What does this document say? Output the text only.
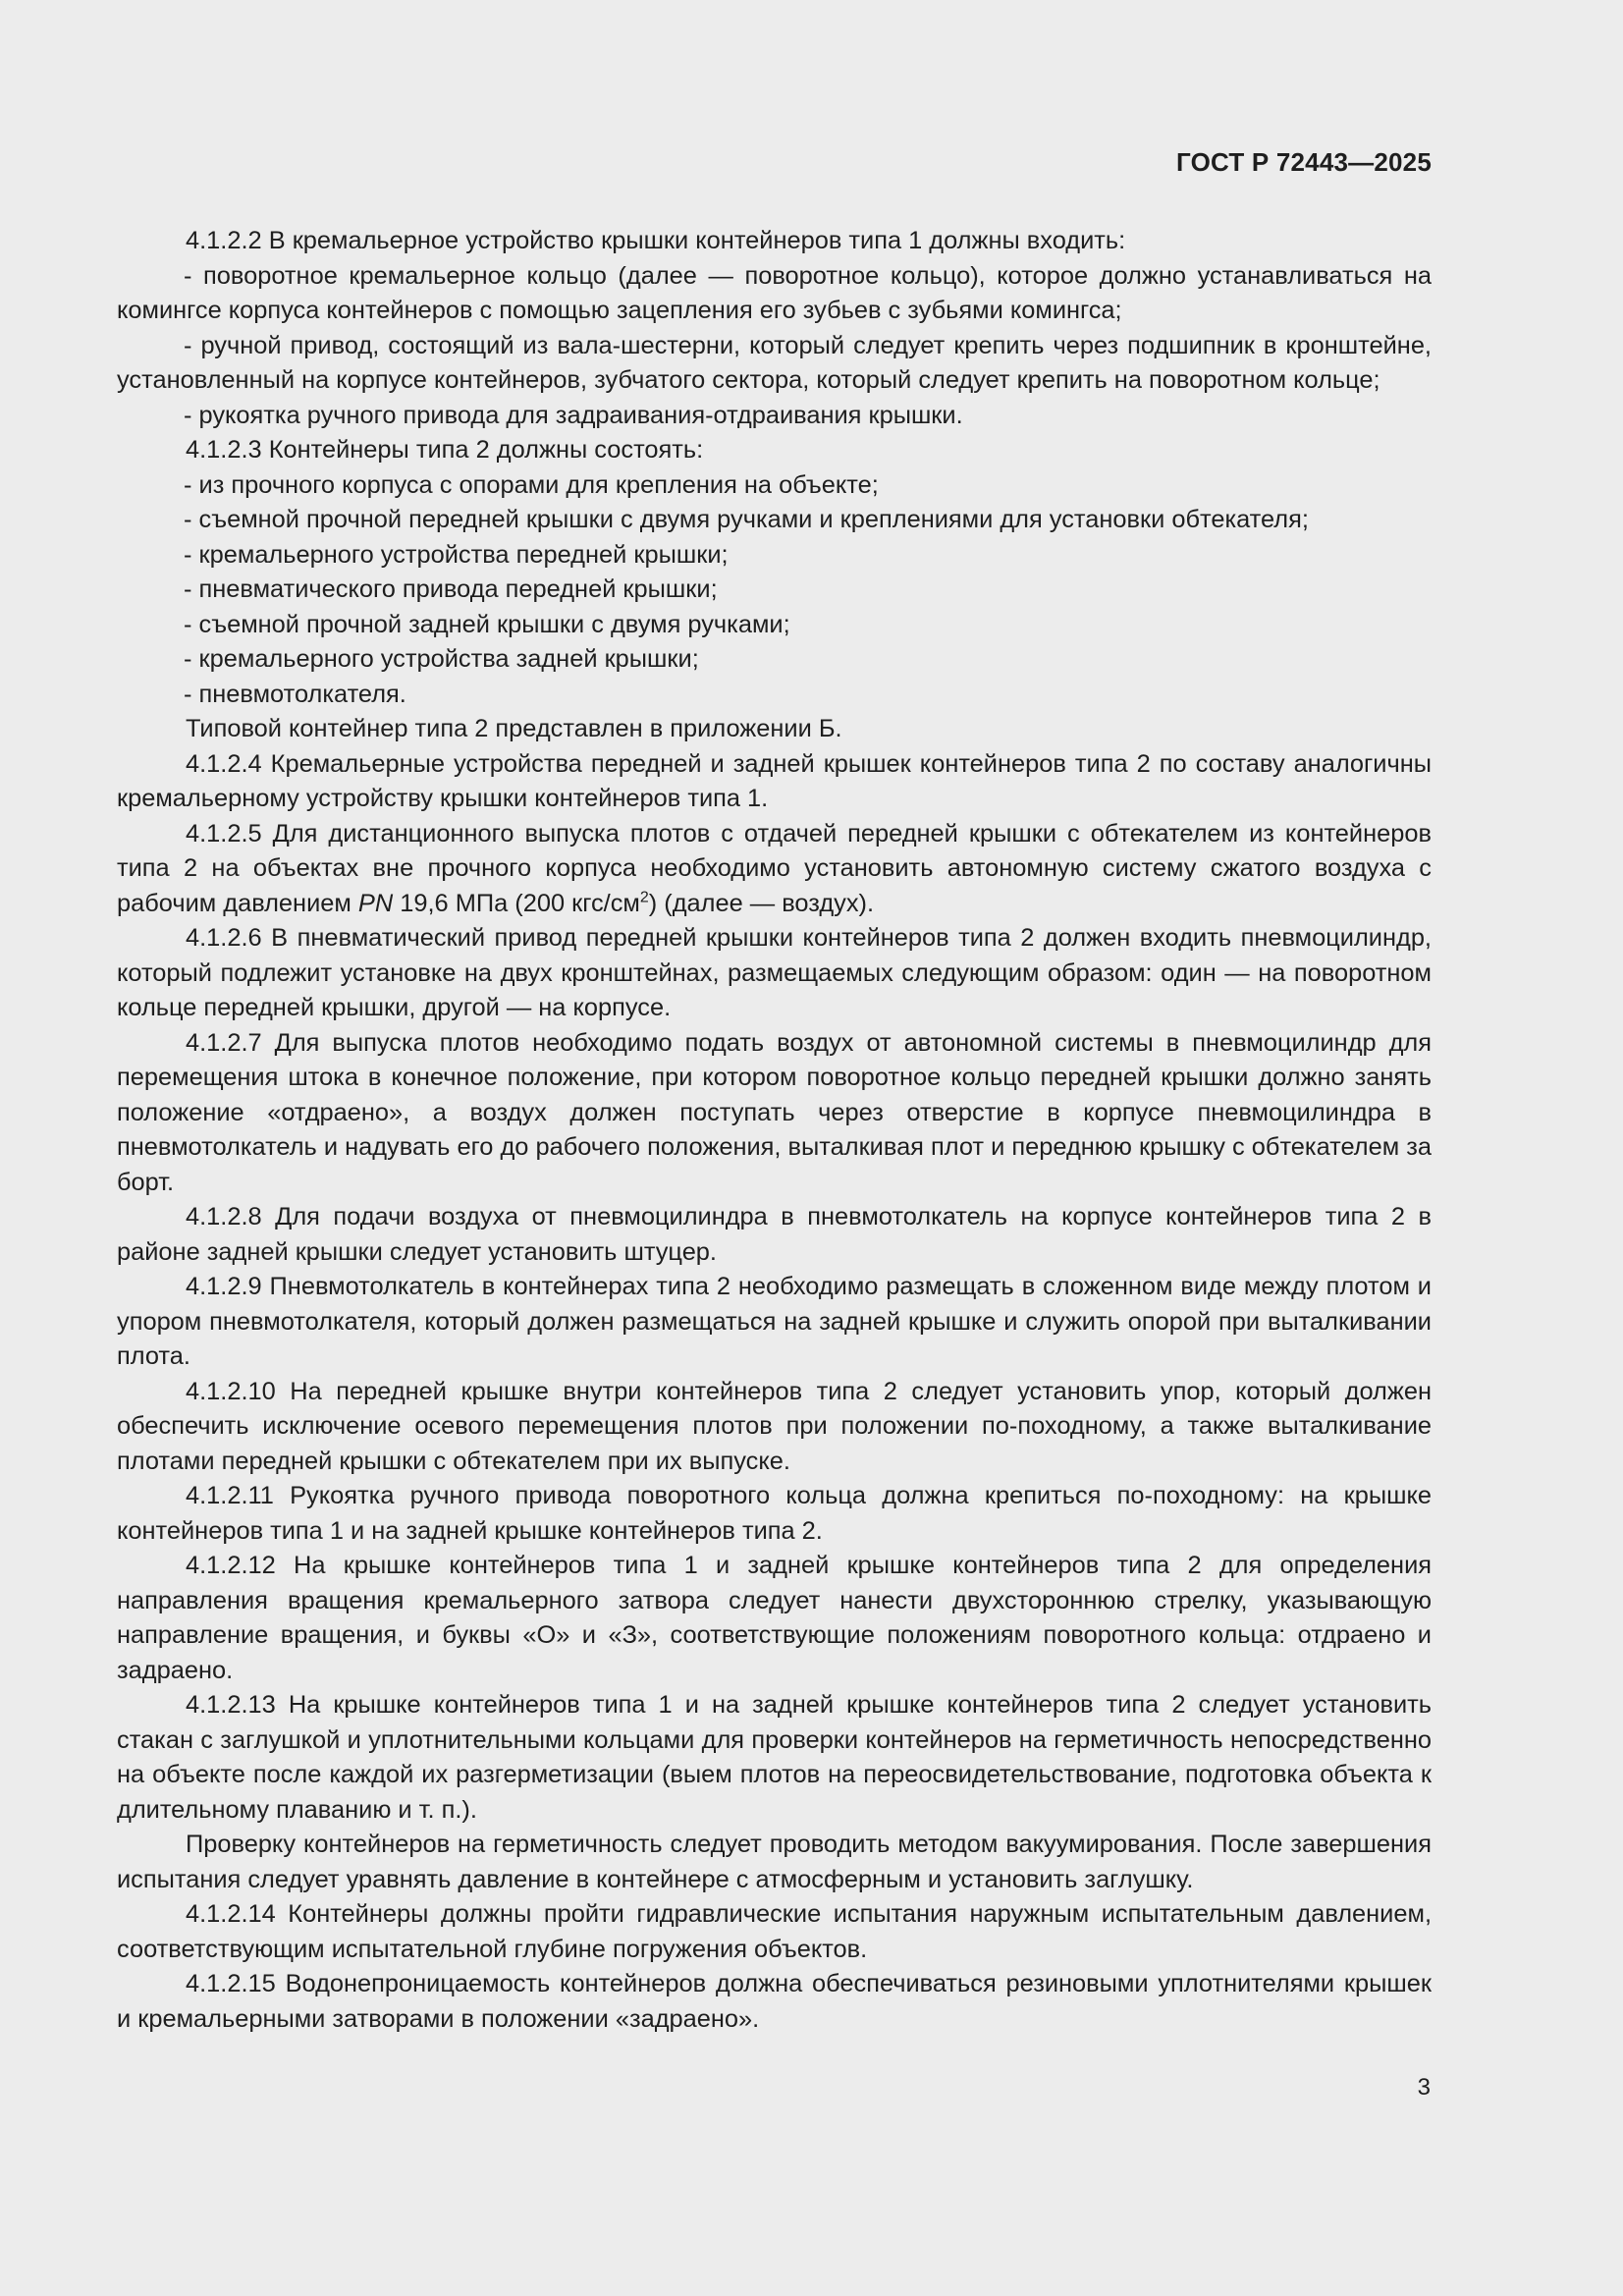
ГОСТ Р 72443—2025

4.1.2.2 В кремальерное устройство крышки контейнеров типа 1 должны входить:

- поворотное кремальерное кольцо (далее — поворотное кольцо), которое должно устанавливаться на комингсе корпуса контейнеров с помощью зацепления его зубьев с зубьями комингса;

- ручной привод, состоящий из вала-шестерни, который следует крепить через подшипник в кронштейне, установленный на корпусе контейнеров, зубчатого сектора, который следует крепить на поворотном кольце;

- рукоятка ручного привода для задраивания-отдраивания крышки.

4.1.2.3 Контейнеры типа 2 должны состоять:

- из прочного корпуса с опорами для крепления на объекте;

- съемной прочной передней крышки с двумя ручками и креплениями для установки обтекателя;

- кремальерного устройства передней крышки;

- пневматического привода передней крышки;

- съемной прочной задней крышки с двумя ручками;

- кремальерного устройства задней крышки;

- пневмотолкателя.

Типовой контейнер типа 2 представлен в приложении Б.

4.1.2.4 Кремальерные устройства передней и задней крышек контейнеров типа 2 по составу аналогичны кремальерному устройству крышки контейнеров типа 1.

4.1.2.5 Для дистанционного выпуска плотов с отдачей передней крышки с обтекателем из контейнеров типа 2 на объектах вне прочного корпуса необходимо установить автономную систему сжатого воздуха с рабочим давлением PN 19,6 МПа (200 кгс/$см^2$) (далее — воздух).

4.1.2.6 В пневматический привод передней крышки контейнеров типа 2 должен входить пневмоцилиндр, который подлежит установке на двух кронштейнах, размещаемых следующим образом: один — на поворотном кольце передней крышки, другой — на корпусе.

4.1.2.7 Для выпуска плотов необходимо подать воздух от автономной системы в пневмоцилиндр для перемещения штока в конечное положение, при котором поворотное кольцо передней крышки должно занять положение «отдраено», а воздух должен поступать через отверстие в корпусе пневмоцилиндра в пневмотолкатель и надувать его до рабочего положения, выталкивая плот и переднюю крышку с обтекателем за борт.

4.1.2.8 Для подачи воздуха от пневмоцилиндра в пневмотолкатель на корпусе контейнеров типа 2 в районе задней крышки следует установить штуцер.

4.1.2.9 Пневмотолкатель в контейнерах типа 2 необходимо размещать в сложенном виде между плотом и упором пневмотолкателя, который должен размещаться на задней крышке и служить опорой при выталкивании плота.

4.1.2.10 На передней крышке внутри контейнеров типа 2 следует установить упор, который должен обеспечить исключение осевого перемещения плотов при положении по-походному, а также выталкивание плотами передней крышки с обтекателем при их выпуске.

4.1.2.11 Рукоятка ручного привода поворотного кольца должна крепиться по-походному: на крышке контейнеров типа 1 и на задней крышке контейнеров типа 2.

4.1.2.12 На крышке контейнеров типа 1 и задней крышке контейнеров типа 2 для определения направления вращения кремальерного затвора следует нанести двухстороннюю стрелку, указывающую направление вращения, и буквы «О» и «З», соответствующие положениям поворотного кольца: отдраено и задраено.

4.1.2.13 На крышке контейнеров типа 1 и на задней крышке контейнеров типа 2 следует установить стакан с заглушкой и уплотнительными кольцами для проверки контейнеров на герметичность непосредственно на объекте после каждой их разгерметизации (выем плотов на переосвидетельствование, подготовка объекта к длительному плаванию и т. п.).

Проверку контейнеров на герметичность следует проводить методом вакуумирования. После завершения испытания следует уравнять давление в контейнере с атмосферным и установить заглушку.

4.1.2.14 Контейнеры должны пройти гидравлические испытания наружным испытательным давлением, соответствующим испытательной глубине погружения объектов.

4.1.2.15 Водонепроницаемость контейнеров должна обеспечиваться резиновыми уплотнителями крышек и кремальерными затворами в положении «задраено».

3
